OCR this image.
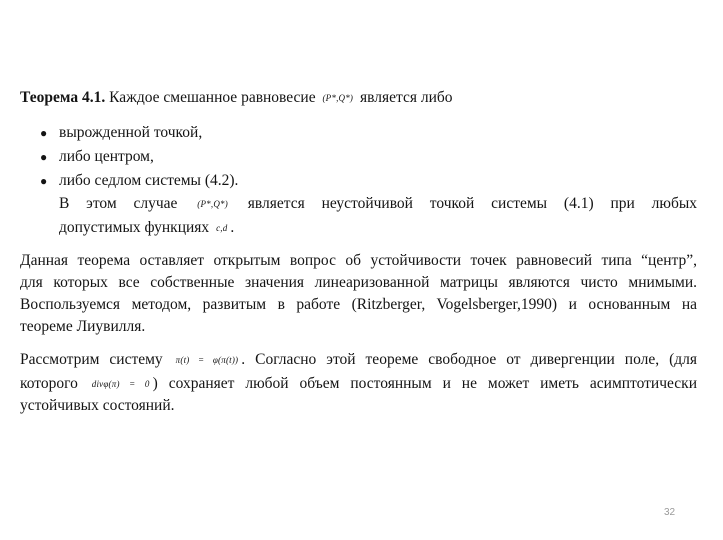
Теорема 4.1. Каждое смешанное равновесие (P*,Q*) является либо
● вырожденной точкой,
● либо центром,
● либо седлом системы (4.2).
В этом случае (P*,Q*) является неустойчивой точкой системы (4.1) при любых
допустимых функциях c,d .
Данная теорема оставляет открытым вопрос об устойчивости точек равновесий типа “центр”,
для которых все собственные значения линеаризованной матрицы являются чисто мнимыми.
Воспользуемся методом, развитым в работе (Ritzberger, Vogelsberger,1990) и основанным на
теореме Лиувилля.
Рассмотрим систему π(t) = φ(π(t)) . Согласно этой теореме свободное от дивергенции поле, (для
которого divφ(π) = 0 ) сохраняет любой объем постоянным и не может иметь асимптотически
устойчивых состояний.
32
